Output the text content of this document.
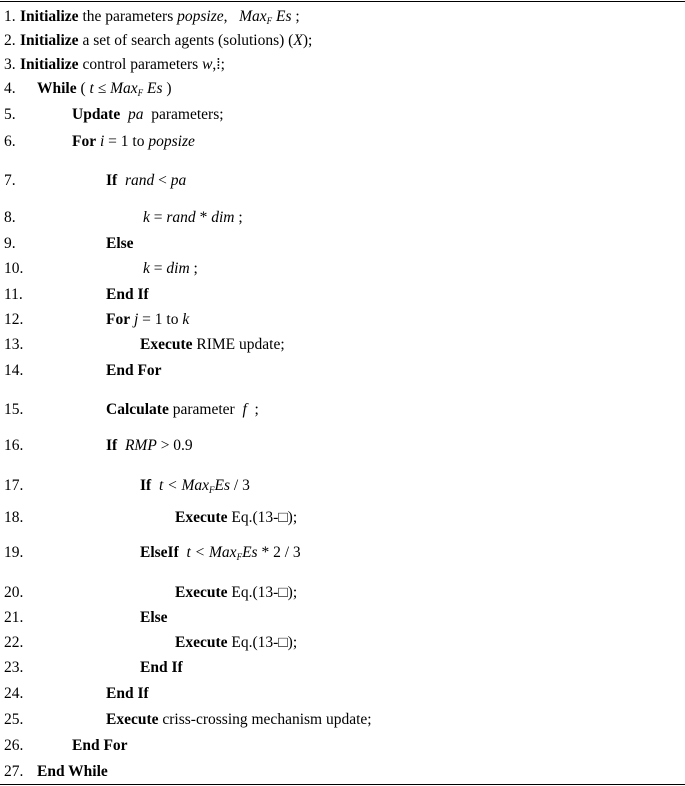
1. Initialize the parameters popsize,   Max$_F$ Es ;
2. Initialize a set of search agents (solutions) (X);
3. Initialize control parameters w,⁞;
4. While ( t ≤ Max$_F$ Es )
5.	Update pa  parameters;
6.	For i = 1 to popsize
7.	If rand < pa
8.	k = rand * dim ;
9.	Else
10.	k = dim ;
11.	End If
12.	For j = 1 to k
13.	Execute RIME update;
14.	End For
15.	Calculate parameter  f  ;
16.	If RMP > 0.9
17.	If t < Max$_F$Es / 3
18.	Execute Eq.(13-□);
19.	ElseIf t < Max$_F$Es * 2 / 3
20.	Execute Eq.(13-□);
21.	Else
22.	Execute Eq.(13-□);
23.	End If
24.	End If
25.	Execute criss-crossing mechanism update;
26.	End For
27. End While
